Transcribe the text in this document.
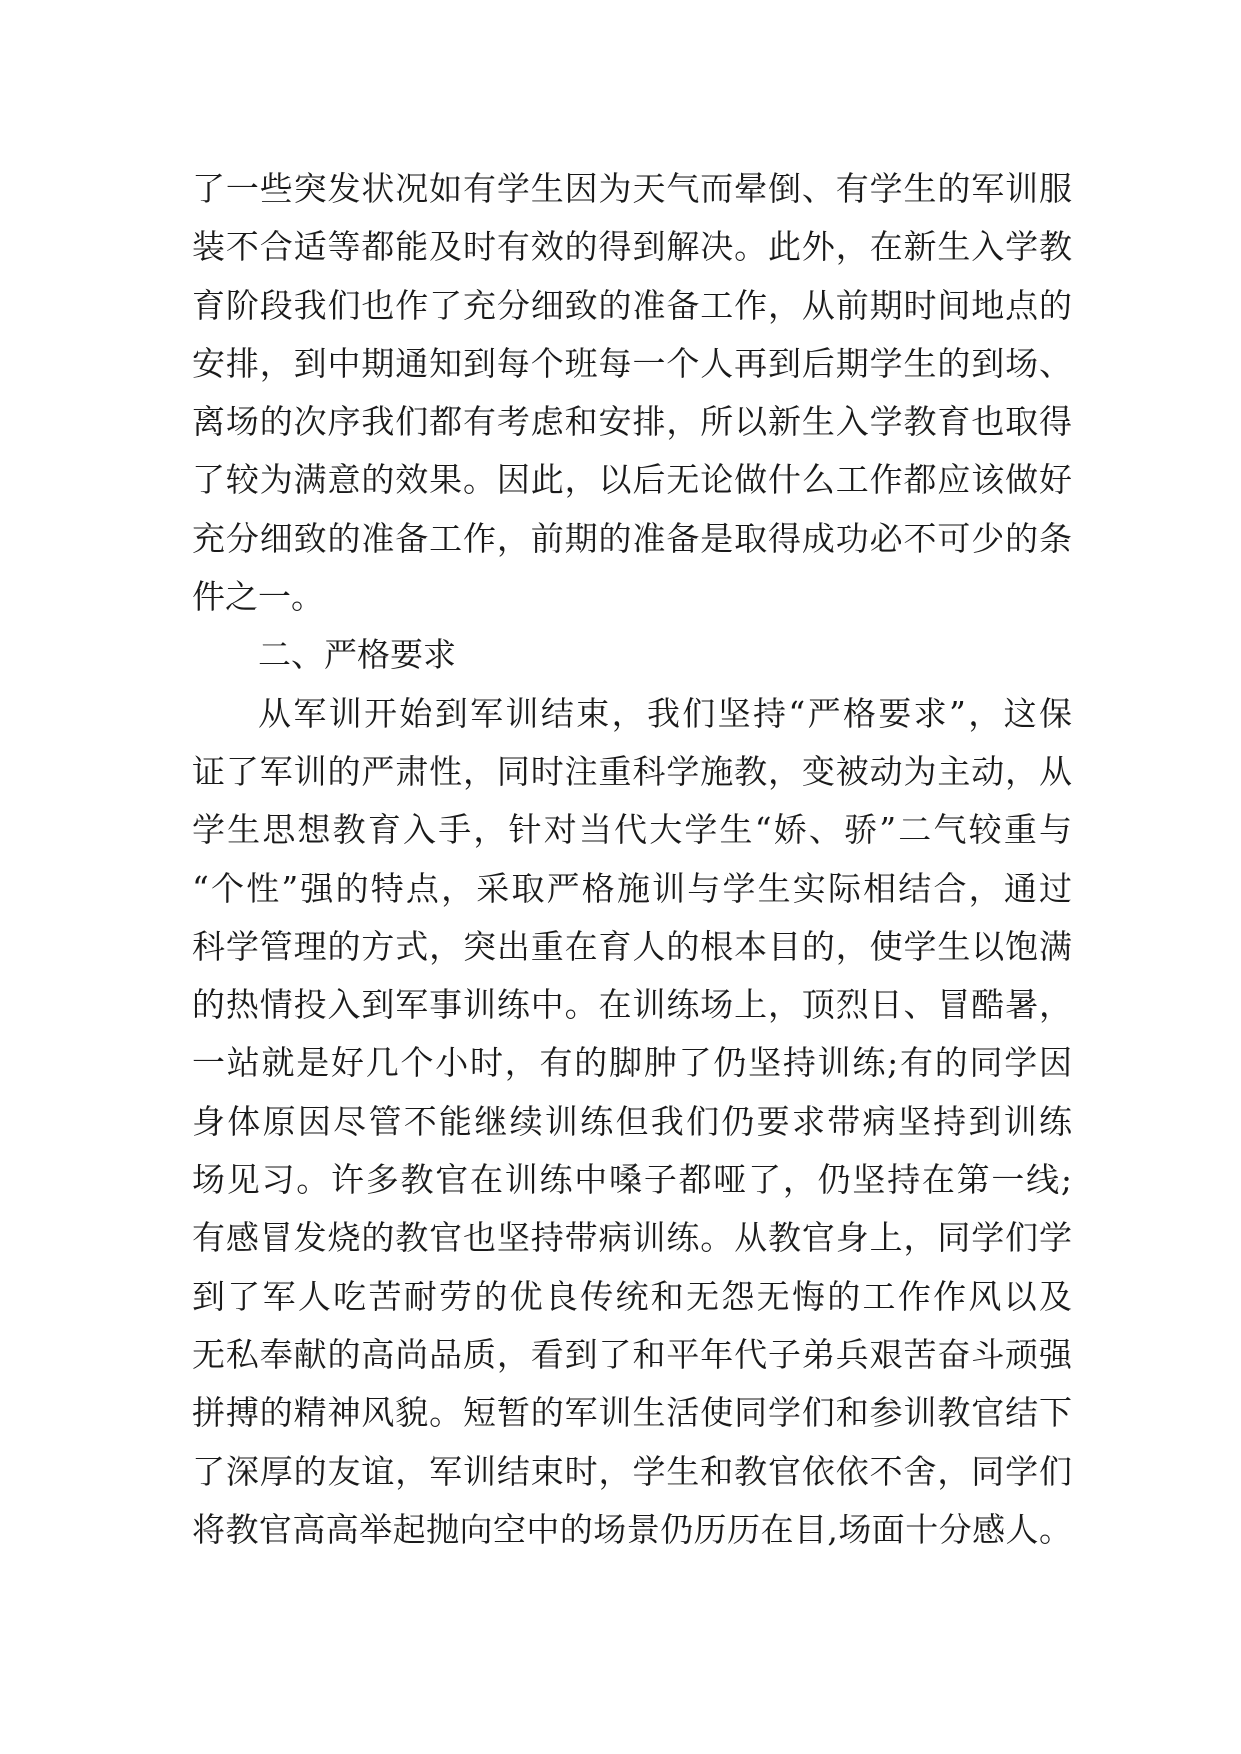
了一些突发状况如有学生因为天气而晕倒、有学生的军训服
装不合适等都能及时有效的得到解决。此外，在新生入学教
育阶段我们也作了充分细致的准备工作，从前期时间地点的
安排，到中期通知到每个班每一个人再到后期学生的到场、
离场的次序我们都有考虑和安排，所以新生入学教育也取得
了较为满意的效果。因此，以后无论做什么工作都应该做好
充分细致的准备工作，前期的准备是取得成功必不可少的条
件之一。
二、严格要求
从军训开始到军训结束，我们坚持“严格要求”，这保
证了军训的严肃性，同时注重科学施教，变被动为主动，从
学生思想教育入手，针对当代大学生“娇、骄”二气较重与
“个性”强的特点，采取严格施训与学生实际相结合，通过
科学管理的方式，突出重在育人的根本目的，使学生以饱满
的热情投入到军事训练中。在训练场上，顶烈日、冒酷暑，
一站就是好几个小时，有的脚肿了仍坚持训练;有的同学因
身体原因尽管不能继续训练但我们仍要求带病坚持到训练
场见习。许多教官在训练中嗓子都哑了，仍坚持在第一线;
有感冒发烧的教官也坚持带病训练。从教官身上，同学们学
到了军人吃苦耐劳的优良传统和无怨无悔的工作作风以及
无私奉献的高尚品质，看到了和平年代子弟兵艰苦奋斗顽强
拼搏的精神风貌。短暂的军训生活使同学们和参训教官结下
了深厚的友谊，军训结束时，学生和教官依依不舍，同学们
将教官高高举起抛向空中的场景仍历历在目,场面十分感人。
